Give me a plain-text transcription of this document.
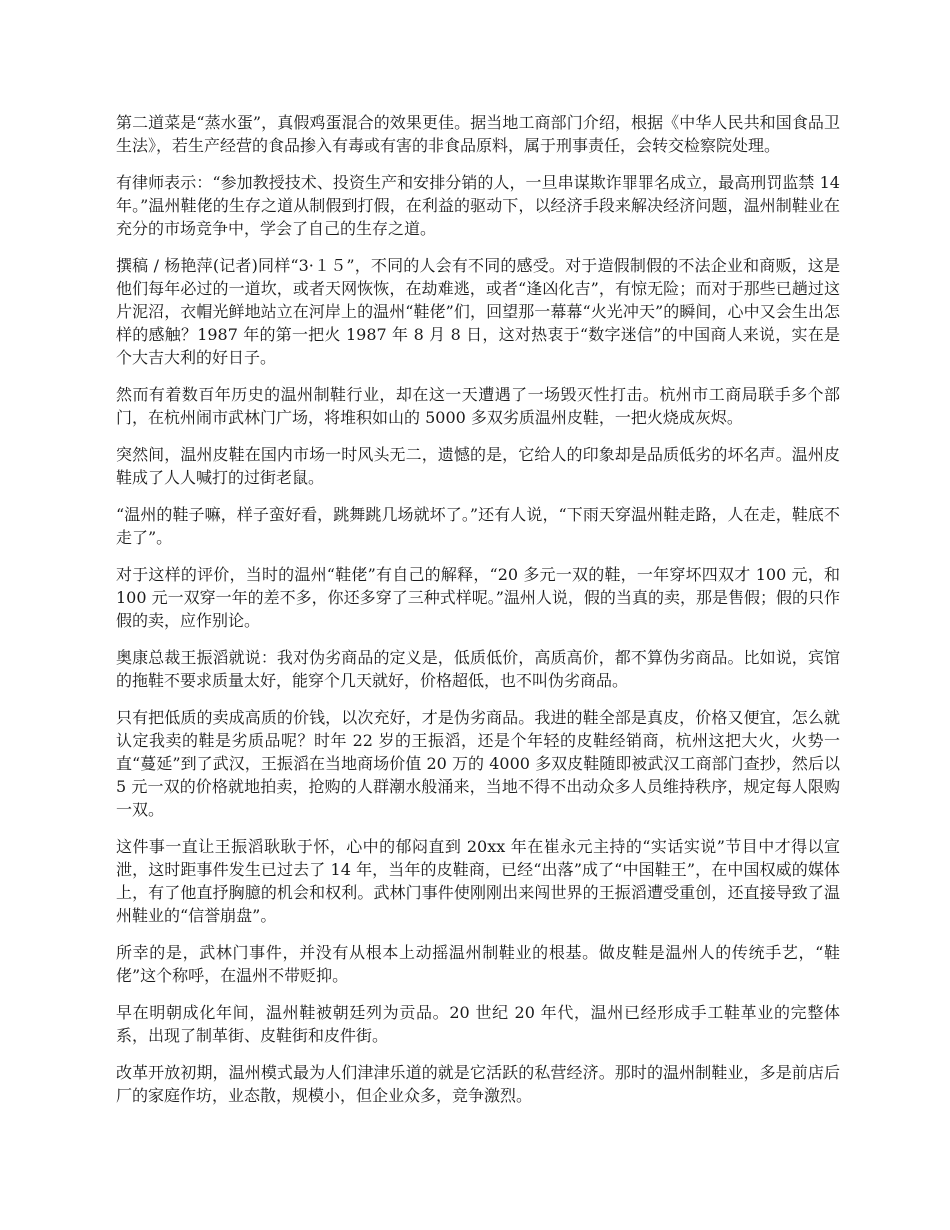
第二道菜是“蒸水蛋”，真假鸡蛋混合的效果更佳。据当地工商部门介绍，根据《中华人民共和国食品卫生法》，若生产经营的食品掺入有毒或有害的非食品原料，属于刑事责任，会转交检察院处理。

有律师表示：“参加教授技术、投资生产和安排分销的人，一旦串谋欺诈罪罪名成立，最高刑罚监禁 14 年。”温州鞋佬的生存之道从制假到打假，在利益的驱动下，以经济手段来解决经济问题，温州制鞋业在充分的市场竞争中，学会了自己的生存之道。

撰稿 / 杨艳萍(记者)同样“3·１５”，不同的人会有不同的感受。对于造假制假的不法企业和商贩，这是他们每年必过的一道坎，或者天网恢恢，在劫难逃，或者“逢凶化吉”，有惊无险；而对于那些已趟过这片泥沼，衣帽光鲜地站立在河岸上的温州“鞋佬”们，回望那一幕幕“火光冲天”的瞬间，心中又会生出怎样的感触？1987 年的第一把火 1987 年 8 月 8 日，这对热衷于“数字迷信”的中国商人来说，实在是个大吉大利的好日子。

然而有着数百年历史的温州制鞋行业，却在这一天遭遇了一场毁灭性打击。杭州市工商局联手多个部门，在杭州闹市武林门广场，将堆积如山的 5000 多双劣质温州皮鞋，一把火烧成灰烬。

突然间，温州皮鞋在国内市场一时风头无二，遗憾的是，它给人的印象却是品质低劣的坏名声。温州皮鞋成了人人喊打的过街老鼠。

“温州的鞋子嘛，样子蛮好看，跳舞跳几场就坏了。”还有人说，“下雨天穿温州鞋走路，人在走，鞋底不走了”。

对于这样的评价，当时的温州“鞋佬”有自己的解释，“20 多元一双的鞋，一年穿坏四双才 100 元，和 100 元一双穿一年的差不多，你还多穿了三种式样呢。”温州人说，假的当真的卖，那是售假；假的只作假的卖，应作别论。

奥康总裁王振滔就说：我对伪劣商品的定义是，低质低价，高质高价，都不算伪劣商品。比如说，宾馆的拖鞋不要求质量太好，能穿个几天就好，价格超低，也不叫伪劣商品。

只有把低质的卖成高质的价钱，以次充好，才是伪劣商品。我进的鞋全部是真皮，价格又便宜，怎么就认定我卖的鞋是劣质品呢？时年 22 岁的王振滔，还是个年轻的皮鞋经销商，杭州这把大火，火势一直“蔓延”到了武汉，王振滔在当地商场价值 20 万的 4000 多双皮鞋随即被武汉工商部门查抄，然后以 5 元一双的价格就地拍卖，抢购的人群潮水般涌来，当地不得不出动众多人员维持秩序，规定每人限购一双。

这件事一直让王振滔耿耿于怀，心中的郁闷直到 20xx 年在崔永元主持的“实话实说”节目中才得以宣泄，这时距事件发生已过去了 14 年，当年的皮鞋商，已经“出落”成了“中国鞋王”，在中国权威的媒体上，有了他直抒胸臆的机会和权利。武林门事件使刚刚出来闯世界的王振滔遭受重创，还直接导致了温州鞋业的“信誉崩盘”。

所幸的是，武林门事件，并没有从根本上动摇温州制鞋业的根基。做皮鞋是温州人的传统手艺，“鞋佬”这个称呼，在温州不带贬抑。

早在明朝成化年间，温州鞋被朝廷列为贡品。20 世纪 20 年代，温州已经形成手工鞋革业的完整体系，出现了制革街、皮鞋街和皮件街。

改革开放初期，温州模式最为人们津津乐道的就是它活跃的私营经济。那时的温州制鞋业，多是前店后厂的家庭作坊，业态散，规模小，但企业众多，竞争激烈。
